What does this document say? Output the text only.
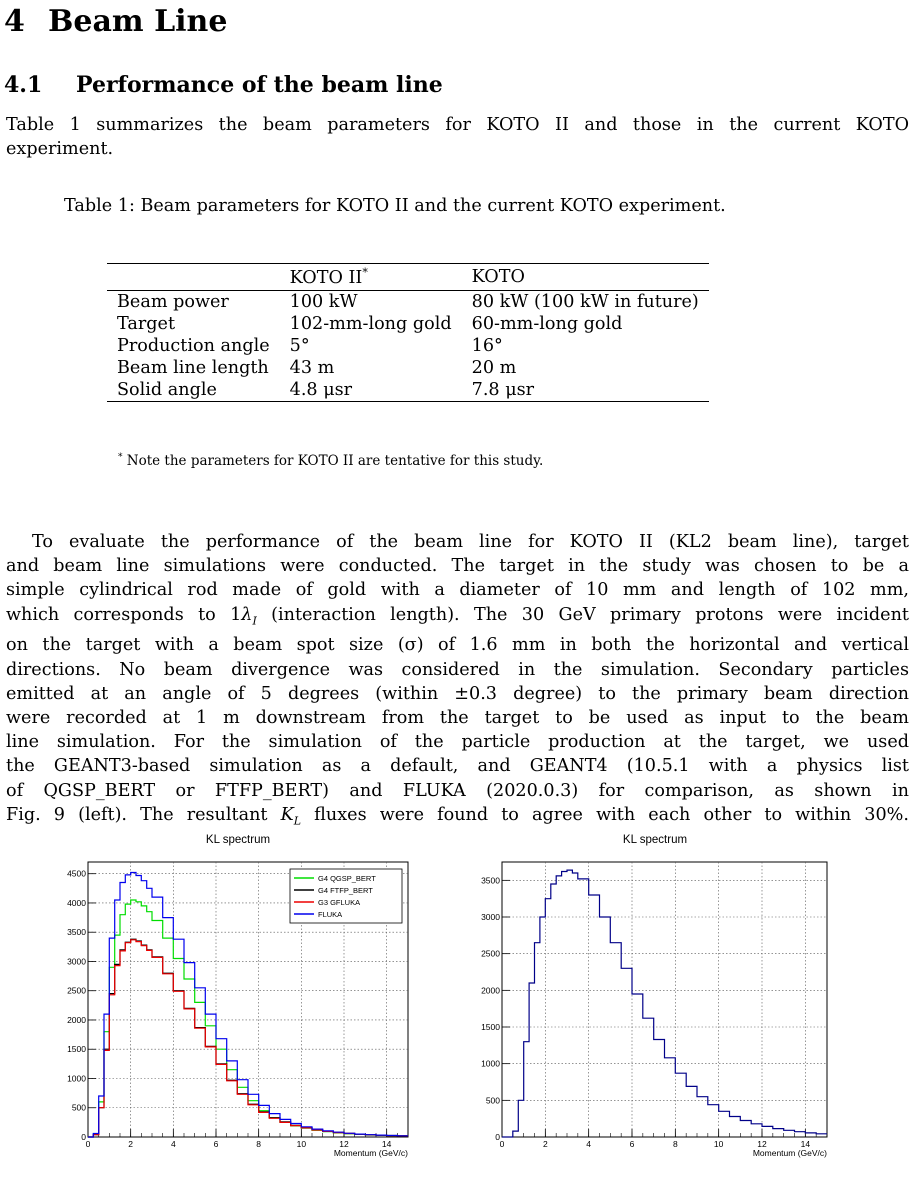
4 Beam Line
4.1 Performance of the beam line
Table 1 summarizes the beam parameters for KOTO II and those in the current KOTO
experiment.
Table 1: Beam parameters for KOTO II and the current KOTO experiment.
	KOTO II*	KOTO
Beam power	100 kW	80 kW (100 kW in future)
Target	102-mm-long gold	60-mm-long gold
Production angle	5°	16°
Beam line length	43 m	20 m
Solid angle	4.8 μsr	7.8 μsr
* Note the parameters for KOTO II are tentative for this study.
To evaluate the performance of the beam line for KOTO II (KL2 beam line), target
and beam line simulations were conducted. The target in the study was chosen to be a
simple cylindrical rod made of gold with a diameter of 10 mm and length of 102 mm,
which corresponds to $1\lambda_I$ (interaction length). The 30 GeV primary protons were incident
on the target with a beam spot size (σ) of 1.6 mm in both the horizontal and vertical
directions. No beam divergence was considered in the simulation. Secondary particles
emitted at an angle of 5 degrees (within ±0.3 degree) to the primary beam direction
were recorded at 1 m downstream from the target to be used as input to the beam
line simulation. For the simulation of the particle production at the target, we used
the GEANT3-based simulation as a default, and GEANT4 (10.5.1 with a physics list
of QGSP_BERT or FTFP_BERT) and FLUKA (2020.0.3) for comparison, as shown in
Fig. 9 (left). The resultant $K_L$ fluxes were found to agree with each other to within 30%.
KL spectrum
0	2	4	6	8	10	12	14
0
500
1000
1500
2000
2500
3000
3500
4000
4500
Momentum (GeV/c)
G4 QGSP_BERT
G4 FTFP_BERT
G3 GFLUKA
FLUKA
KL spectrum
0	2	4	6	8	10	12	14
0
500
1000
1500
2000
2500
3000
3500
Momentum (GeV/c)
